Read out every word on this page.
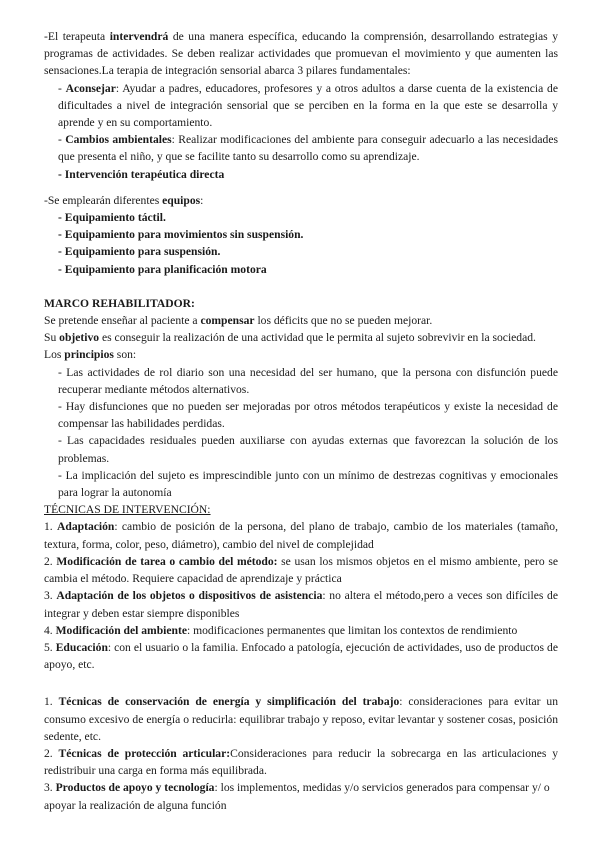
-El terapeuta intervendrá de una manera específica, educando la comprensión, desarrollando estrategias y programas de actividades. Se deben realizar actividades que promuevan el movimiento y que aumenten las sensaciones.La terapia de integración sensorial abarca 3 pilares fundamentales:

- Aconsejar: Ayudar a padres, educadores, profesores y a otros adultos a darse cuenta de la existencia de dificultades a nivel de integración sensorial que se perciben en la forma en la que este se desarrolla y aprende y en su comportamiento.

- Cambios ambientales: Realizar modificaciones del ambiente para conseguir adecuarlo a las necesidades que presenta el niño, y que se facilite tanto su desarrollo como su aprendizaje.

- Intervención terapéutica directa

-Se emplearán diferentes equipos:

- Equipamiento táctil.

- Equipamiento para movimientos sin suspensión.

- Equipamiento para suspensión.

- Equipamiento para planificación motora

MARCO REHABILITADOR:

Se pretende enseñar al paciente a compensar los déficits que no se pueden mejorar.

Su objetivo es conseguir la realización de una actividad que le permita al sujeto sobrevivir en la sociedad.

Los principios son:

- Las actividades de rol diario son una necesidad del ser humano, que la persona con disfunción puede recuperar mediante métodos alternativos.

- Hay disfunciones que no pueden ser mejoradas por otros métodos terapéuticos y existe la necesidad de compensar las habilidades perdidas.

- Las capacidades residuales pueden auxiliarse con ayudas externas que favorezcan la solución de los problemas.

- La implicación del sujeto es imprescindible junto con un mínimo de destrezas cognitivas y emocionales para lograr la autonomía

TÉCNICAS DE INTERVENCIÓN:

1. Adaptación: cambio de posición de la persona, del plano de trabajo, cambio de los materiales (tamaño, textura, forma, color, peso, diámetro), cambio del nivel de complejidad

2. Modificación de tarea o cambio del método: se usan los mismos objetos en el mismo ambiente, pero se cambia el método. Requiere capacidad de aprendizaje y práctica

3. Adaptación de los objetos o dispositivos de asistencia: no altera el método,pero a veces son difíciles de integrar y deben estar siempre disponibles

4. Modificación del ambiente: modificaciones permanentes que limitan los contextos de rendimiento

5. Educación: con el usuario o la familia. Enfocado a patología, ejecución de actividades, uso de productos de apoyo, etc.

1. Técnicas de conservación de energía y simplificación del trabajo: consideraciones para evitar un consumo excesivo de energía o reducirla: equilibrar trabajo y reposo, evitar levantar y sostener cosas, posición sedente, etc.

2. Técnicas de protección articular:Consideraciones para reducir la sobrecarga en las articulaciones y redistribuir una carga en forma más equilibrada.

3. Productos de apoyo y tecnología: los implementos, medidas y/o servicios generados para compensar y/ o apoyar la realización de alguna función
